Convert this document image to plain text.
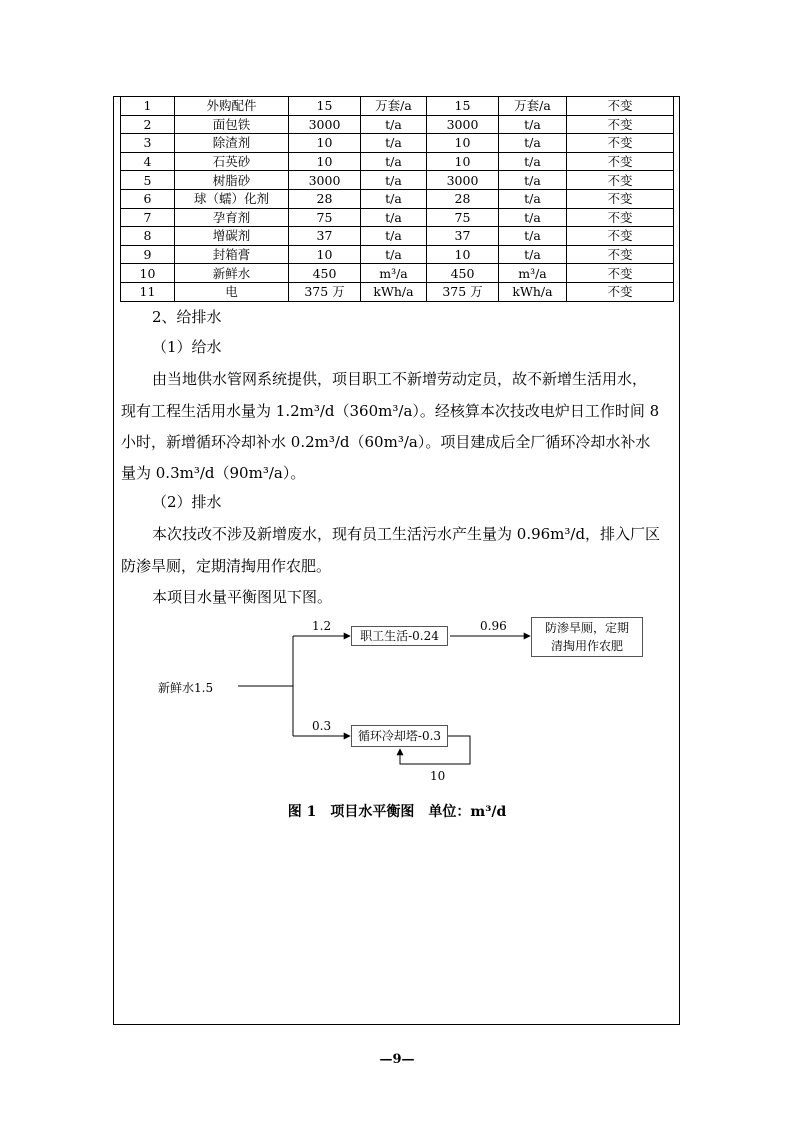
1	外购配件	15	万套/a	15	万套/a	不变
2	面包铁	3000	t/a	3000	t/a	不变
3	除渣剂	10	t/a	10	t/a	不变
4	石英砂	10	t/a	10	t/a	不变
5	树脂砂	3000	t/a	3000	t/a	不变
6	球（蠕）化剂	28	t/a	28	t/a	不变
7	孕育剂	75	t/a	75	t/a	不变
8	增碳剂	37	t/a	37	t/a	不变
9	封箱膏	10	t/a	10	t/a	不变
10	新鲜水	450	m³/a	450	m³/a	不变
11	电	375 万	kWh/a	375 万	kWh/a	不变
2、给排水
（1）给水
由当地供水管网系统提供，项目职工不新增劳动定员，故不新增生活用水，
现有工程生活用水量为 1.2m³/d（360m³/a）。经核算本次技改电炉日工作时间 8
小时，新增循环冷却补水 0.2m³/d（60m³/a）。项目建成后全厂循环冷却水补水
量为 0.3m³/d（90m³/a）。
（2）排水
本次技改不涉及新增废水，现有员工生活污水产生量为 0.96m³/d，排入厂区
防渗旱厕，定期清掏用作农肥。
本项目水量平衡图见下图。
新鲜水1.5
1.2
职工生活-0.24
0.96	防渗旱厕，定期
清掏用作农肥
0.3
循环冷却塔-0.3
10
图 1　项目水平衡图　单位：m³/d
—9—
